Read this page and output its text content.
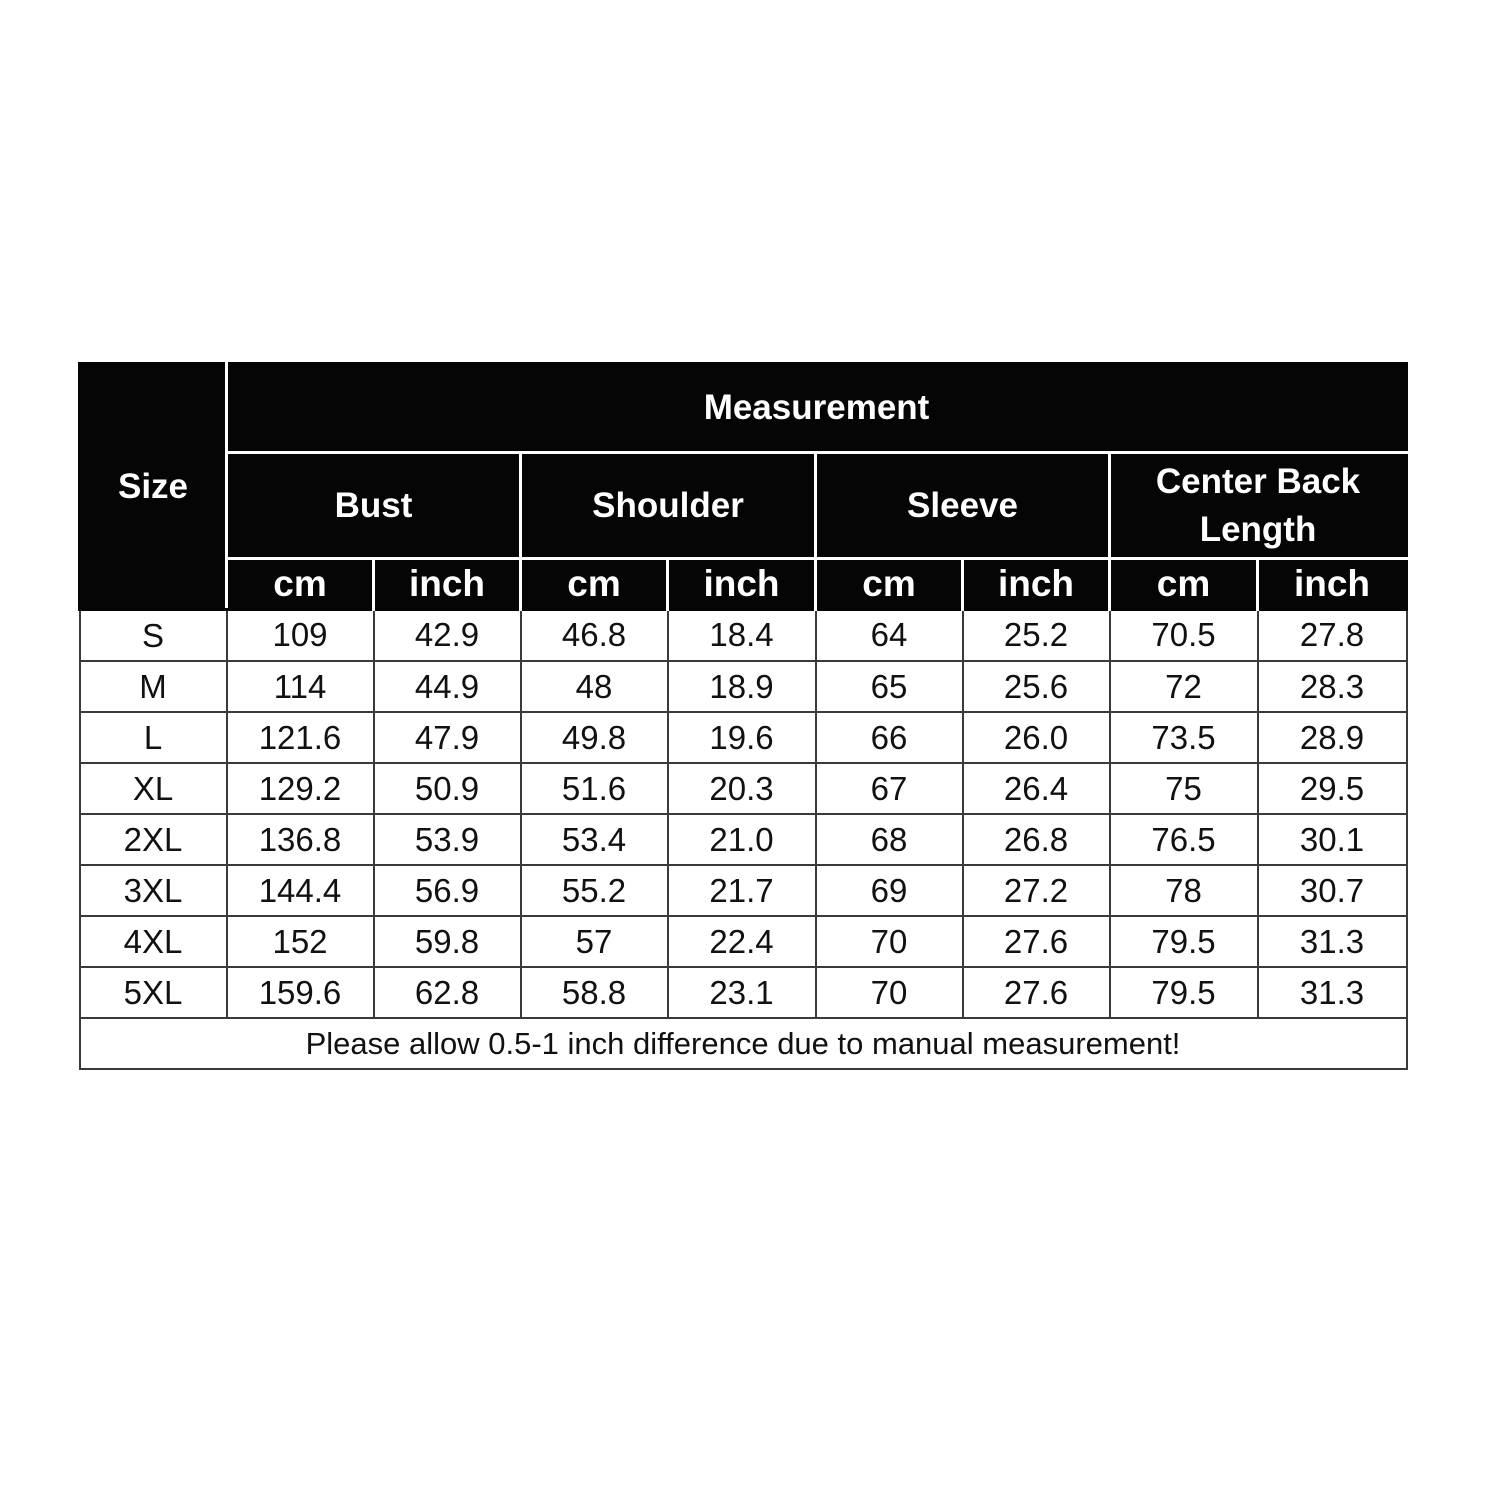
Size	Measurement							
	Bust		Shoulder		Sleeve		Center Back Length	
	cm	inch	cm	inch	cm	inch	cm	inch
S	109	42.9	46.8	18.4	64	25.2	70.5	27.8
M	114	44.9	48	18.9	65	25.6	72	28.3
L	121.6	47.9	49.8	19.6	66	26.0	73.5	28.9
XL	129.2	50.9	51.6	20.3	67	26.4	75	29.5
2XL	136.8	53.9	53.4	21.0	68	26.8	76.5	30.1
3XL	144.4	56.9	55.2	21.7	69	27.2	78	30.7
4XL	152	59.8	57	22.4	70	27.6	79.5	31.3
5XL	159.6	62.8	58.8	23.1	70	27.6	79.5	31.3
Please allow 0.5-1 inch difference due to manual measurement!								
